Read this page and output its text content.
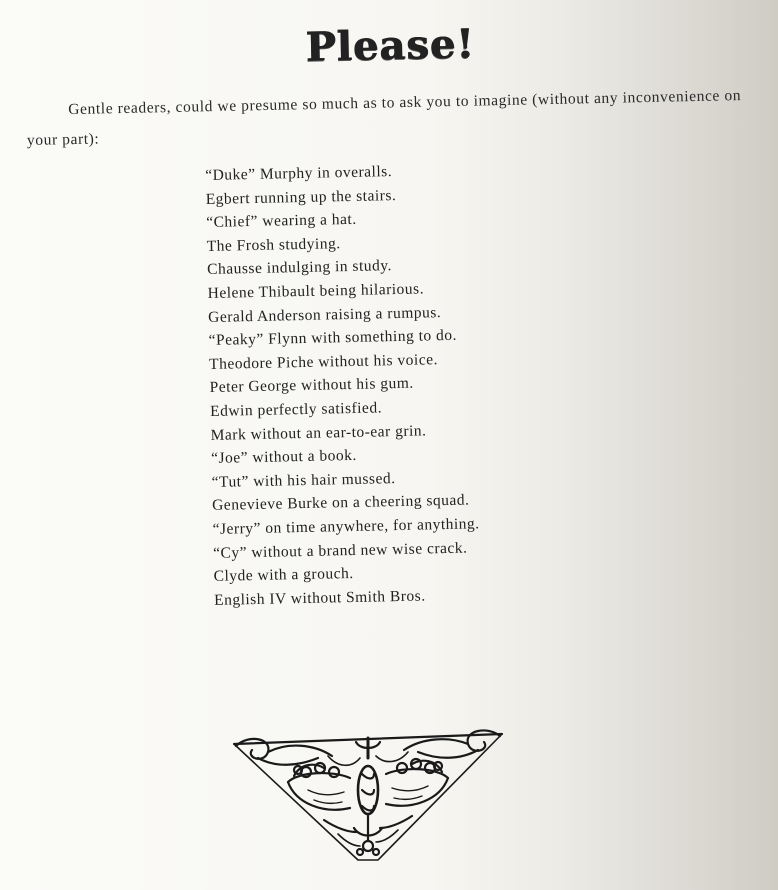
Please!
Gentle readers, could we presume so much as to ask you to imagine (without any inconvenience on your part):
“Duke” Murphy in overalls.
Egbert running up the stairs.
“Chief” wearing a hat.
The Frosh studying.
Chausse indulging in study.
Helene Thibault being hilarious.
Gerald Anderson raising a rumpus.
“Peaky” Flynn with something to do.
Theodore Piche without his voice.
Peter George without his gum.
Edwin perfectly satisfied.
Mark without an ear-to-ear grin.
“Joe” without a book.
“Tut” with his hair mussed.
Genevieve Burke on a cheering squad.
“Jerry” on time anywhere, for anything.
“Cy” without a brand new wise crack.
Clyde with a grouch.
English IV without Smith Bros.
